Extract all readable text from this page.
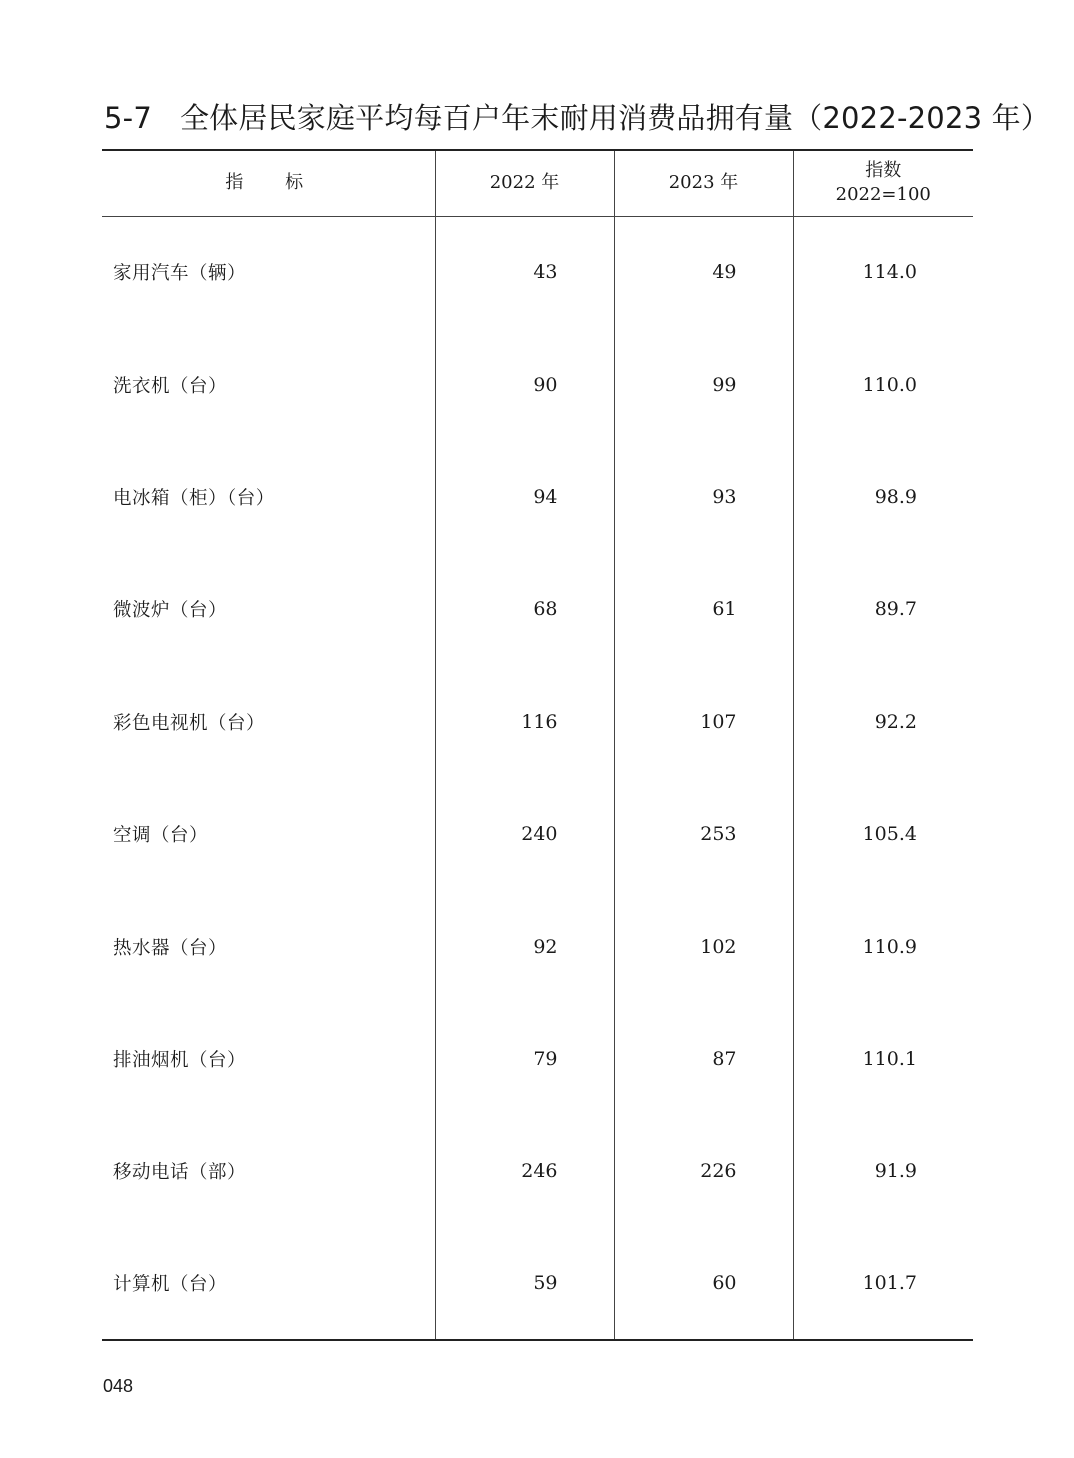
5-7 全体居民家庭平均每百户年末耐用消费品拥有量（2022-2023 年）
指 标	2022 年	2023 年	指数
2022=100

家用汽车（辆）	43	49	114.0
洗衣机（台）	90	99	110.0
电冰箱（柜）（台）	94	93	98.9
微波炉（台）	68	61	89.7
彩色电视机（台）	116	107	92.2
空调（台）	240	253	105.4
热水器（台）	92	102	110.9
排油烟机（台）	79	87	110.1
移动电话（部）	246	226	91.9
计算机（台）	59	60	101.7
048
